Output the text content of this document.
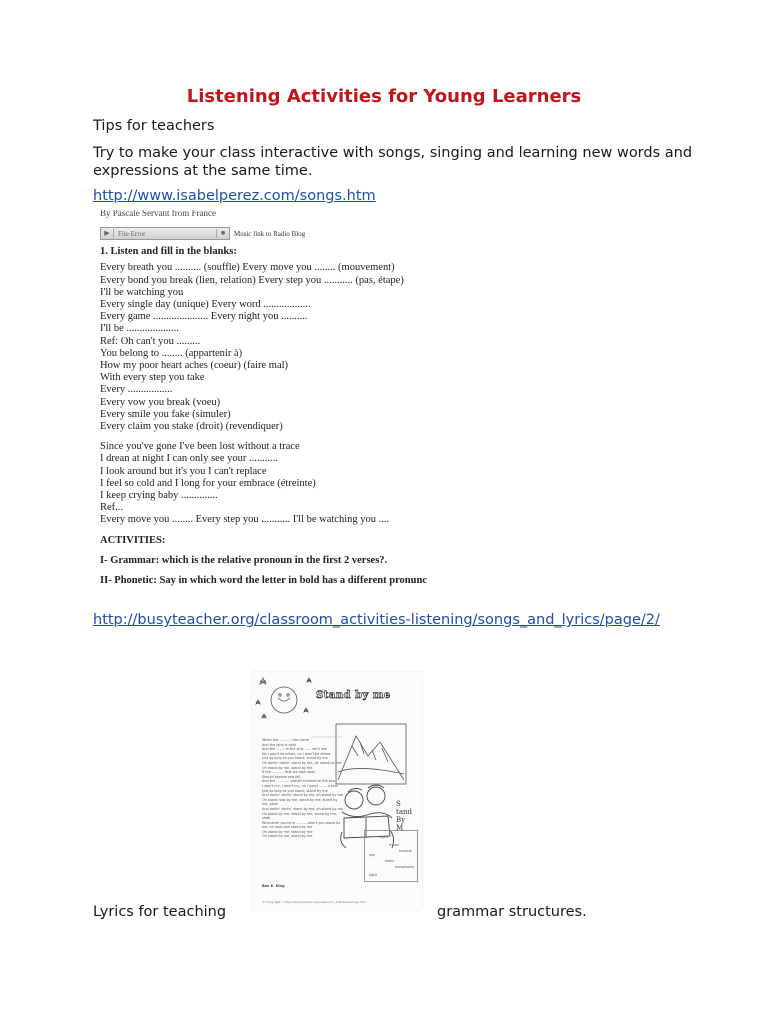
Listening Activities for Young Learners
Tips for teachers
Try to make your class interactive with songs, singing and learning new words and expressions at the same time.
http://www.isabelperez.com/songs.htm
By Pascale Servant from France
▶	File Error	■	Music link to Radio Blog
1. Listen and fill in the blanks:
Every breath you .......... (souffle) Every move you ........ (mouvement)
Every bond you break (lien, relation) Every step you ........... (pas, étape)
I'll be watching you
Every single day (unique) Every word ..................
Every game ..................... Every night you ..........
I'll be ....................
Ref: Oh can't you .........
You belong to ........ (appartenir à)
How my poor heart aches (coeur) (faire mal)
With every step you take
Every .................
Every vow you break (voeu)
Every smile you fake (simuler)
Every claim you stake (droit) (revendiquer)
Since you've gone I've been lost without a trace
I drean at night I can only see your ...........
I look around but it's you I can't replace
I feel so cold and I long for your embrace (étreinte)
I keep crying baby ..............
Ref...
Every move you ........ Every step you ........... I'll be watching you ....
ACTIVITIES:
I- Grammar: which is the relative pronoun in the first 2 verses?.
II- Phonetic: Say in which word the letter in bold has a different pronunc
http://busyteacher.org/classroom_activities-listening/songs_and_lyrics/page/2/
Stand by me
When the ........... has come
And the land is dark
And the ........ is the only ...... we'll see
No I won't be afraid, no I won't be afraid
Just as long as you stand, stand by me
Oh darlin' darlin' stand by me, oh stand by me
Oh stand by me, stand by me
If the ........... that we look upon
Should tumble and fall
And the ............ should crumble to the sea
I won't cry, I won't cry, no I won't ....... a tear
Just as long as you stand, stand by me
And darlin' darlin' stand by me, oh stand by me
Oh stand now by me, stand by me, stand by me, yeah
And darlin' darlin' stand by me, oh stand by me
Oh stand by me, stand by me, stand by me, yeah
Whenever you're in .......... won't you stand by me, oh now now stand by me
Oh stand by me, stand by me
Oh stand by me, stand by me
S
tand
By
M
night
moon
trouble
sky
shed
mountains
light
Ben E. King
© Copyright... http://busyteacher.org/classroom_activities/songs.htm
Lyrics for teaching	grammar structures.
